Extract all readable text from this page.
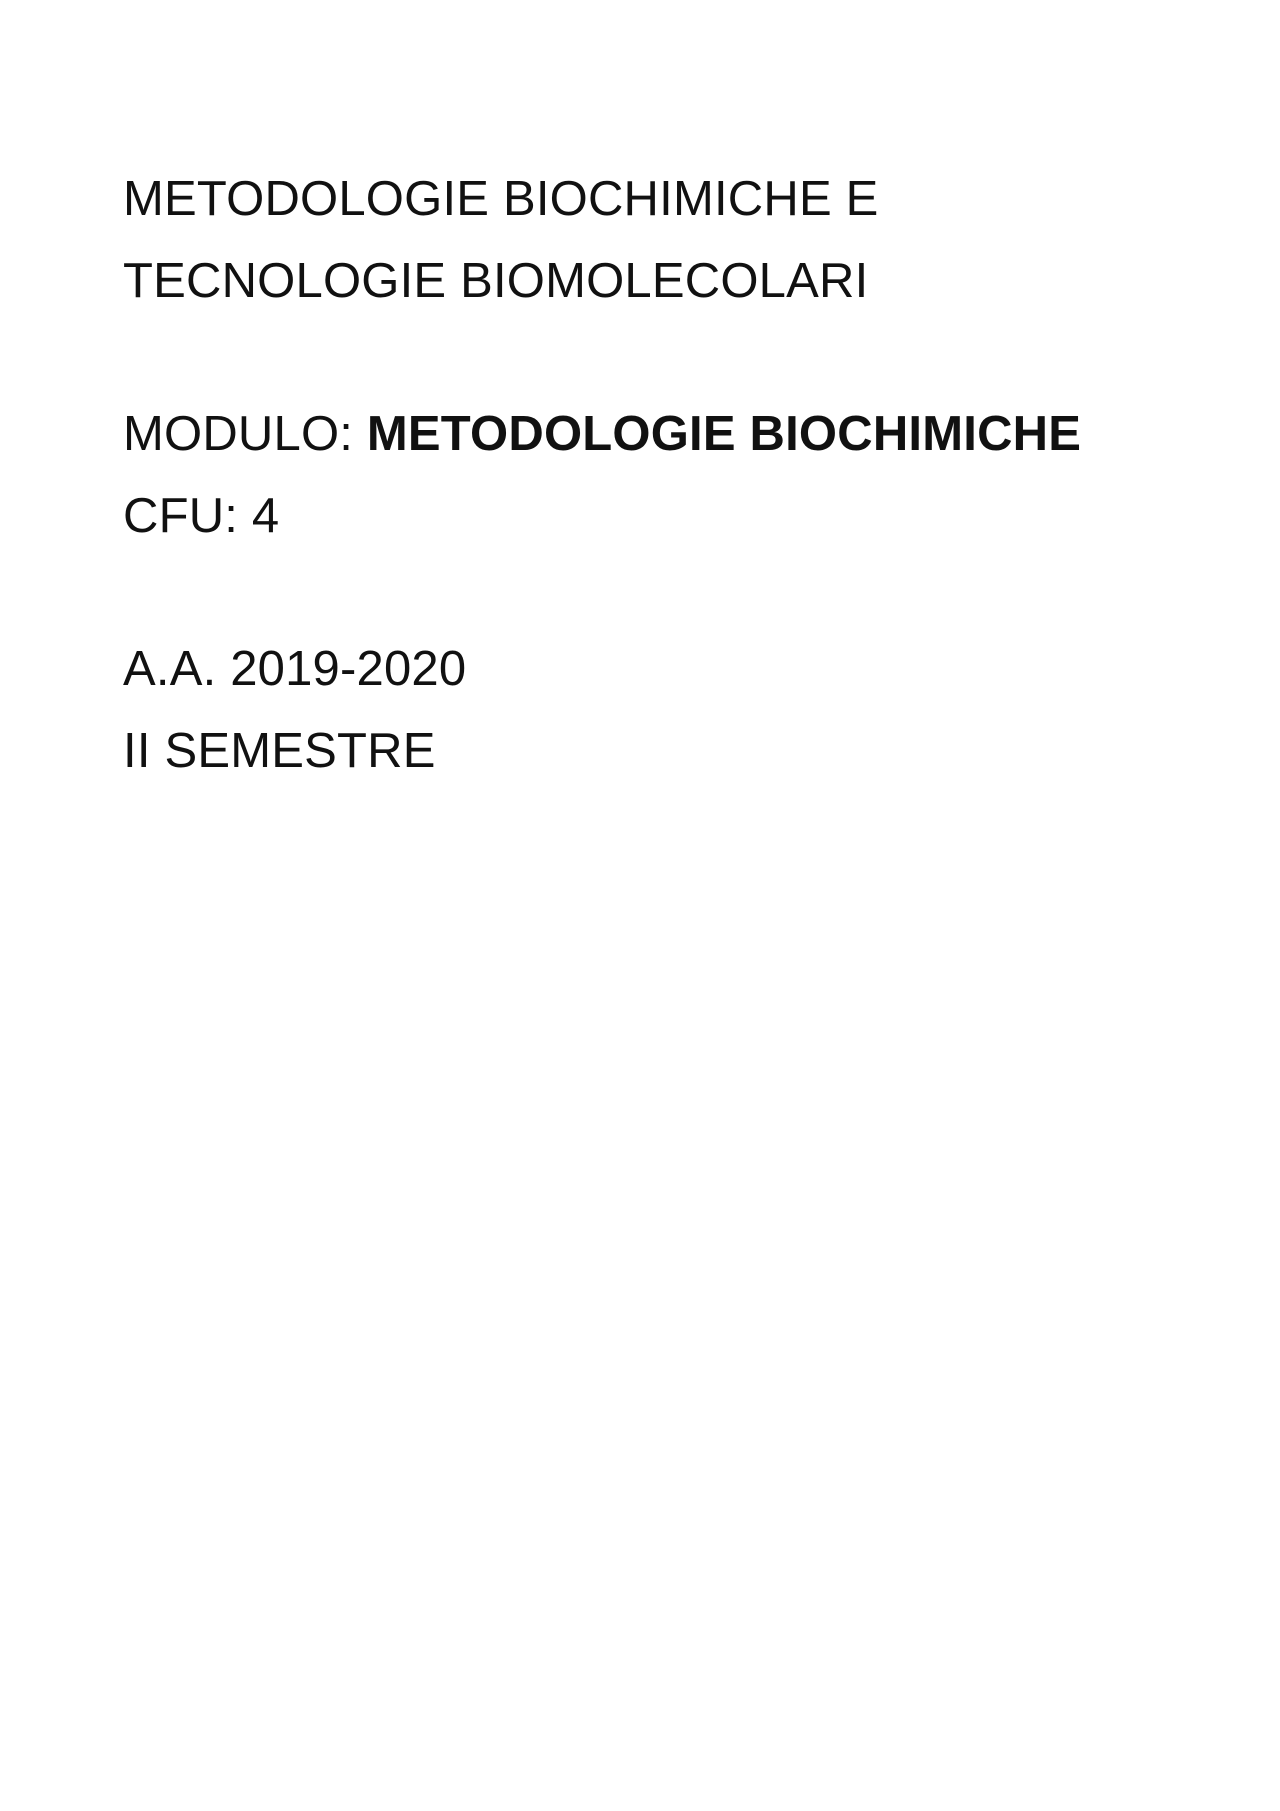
METODOLOGIE BIOCHIMICHE E
TECNOLOGIE BIOMOLECOLARI
MODULO: METODOLOGIE BIOCHIMICHE
CFU: 4
A.A. 2019-2020
II SEMESTRE
